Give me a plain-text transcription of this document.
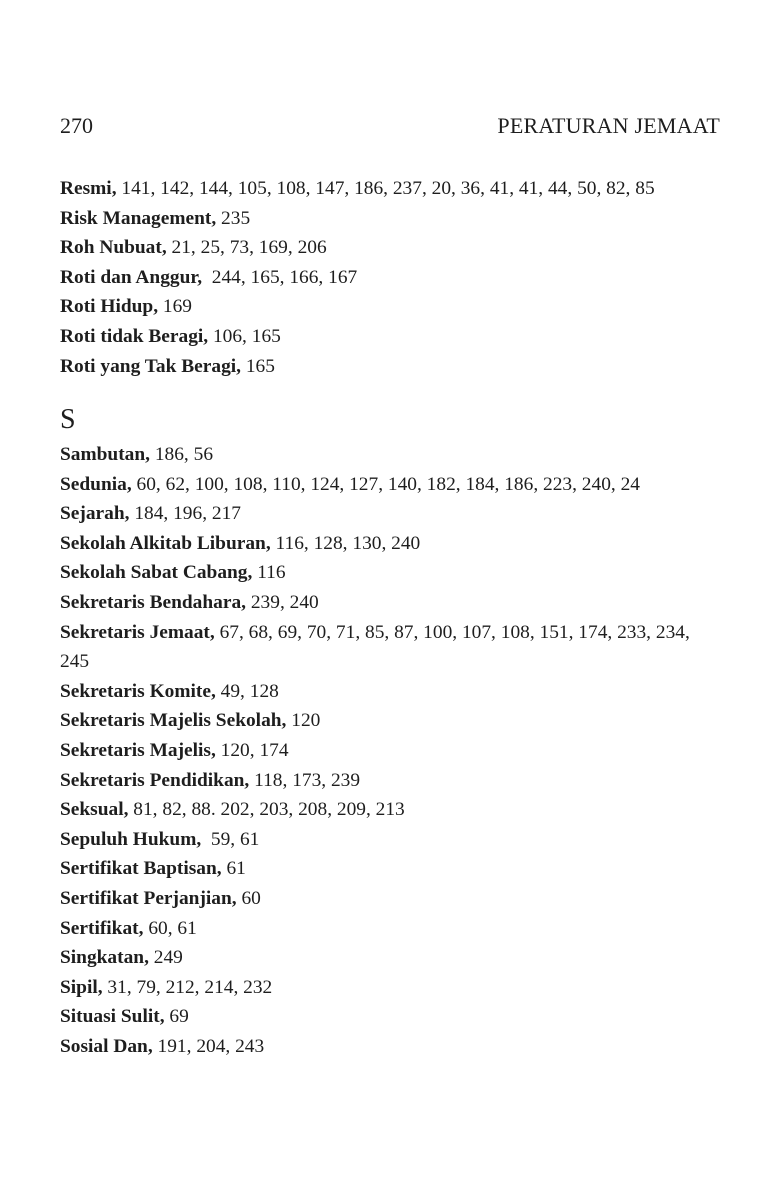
270	PERATURAN JEMAAT
Resmi, 141, 142, 144, 105, 108, 147, 186, 237, 20, 36, 41, 41, 44, 50, 82, 85
Risk Management, 235
Roh Nubuat, 21, 25, 73, 169, 206
Roti dan Anggur,  244, 165, 166, 167
Roti Hidup, 169
Roti tidak Beragi, 106, 165
Roti yang Tak Beragi, 165
S
Sambutan, 186, 56
Sedunia, 60, 62, 100, 108, 110, 124, 127, 140, 182, 184, 186, 223, 240, 24
Sejarah, 184, 196, 217
Sekolah Alkitab Liburan, 116, 128, 130, 240
Sekolah Sabat Cabang, 116
Sekretaris Bendahara, 239, 240
Sekretaris Jemaat, 67, 68, 69, 70, 71, 85, 87, 100, 107, 108, 151, 174, 233, 234, 245
Sekretaris Komite, 49, 128
Sekretaris Majelis Sekolah, 120
Sekretaris Majelis, 120, 174
Sekretaris Pendidikan, 118, 173, 239
Seksual, 81, 82, 88. 202, 203, 208, 209, 213
Sepuluh Hukum,  59, 61
Sertifikat Baptisan, 61
Sertifikat Perjanjian, 60
Sertifikat, 60, 61
Singkatan, 249
Sipil, 31, 79, 212, 214, 232
Situasi Sulit, 69
Sosial Dan, 191, 204, 243
